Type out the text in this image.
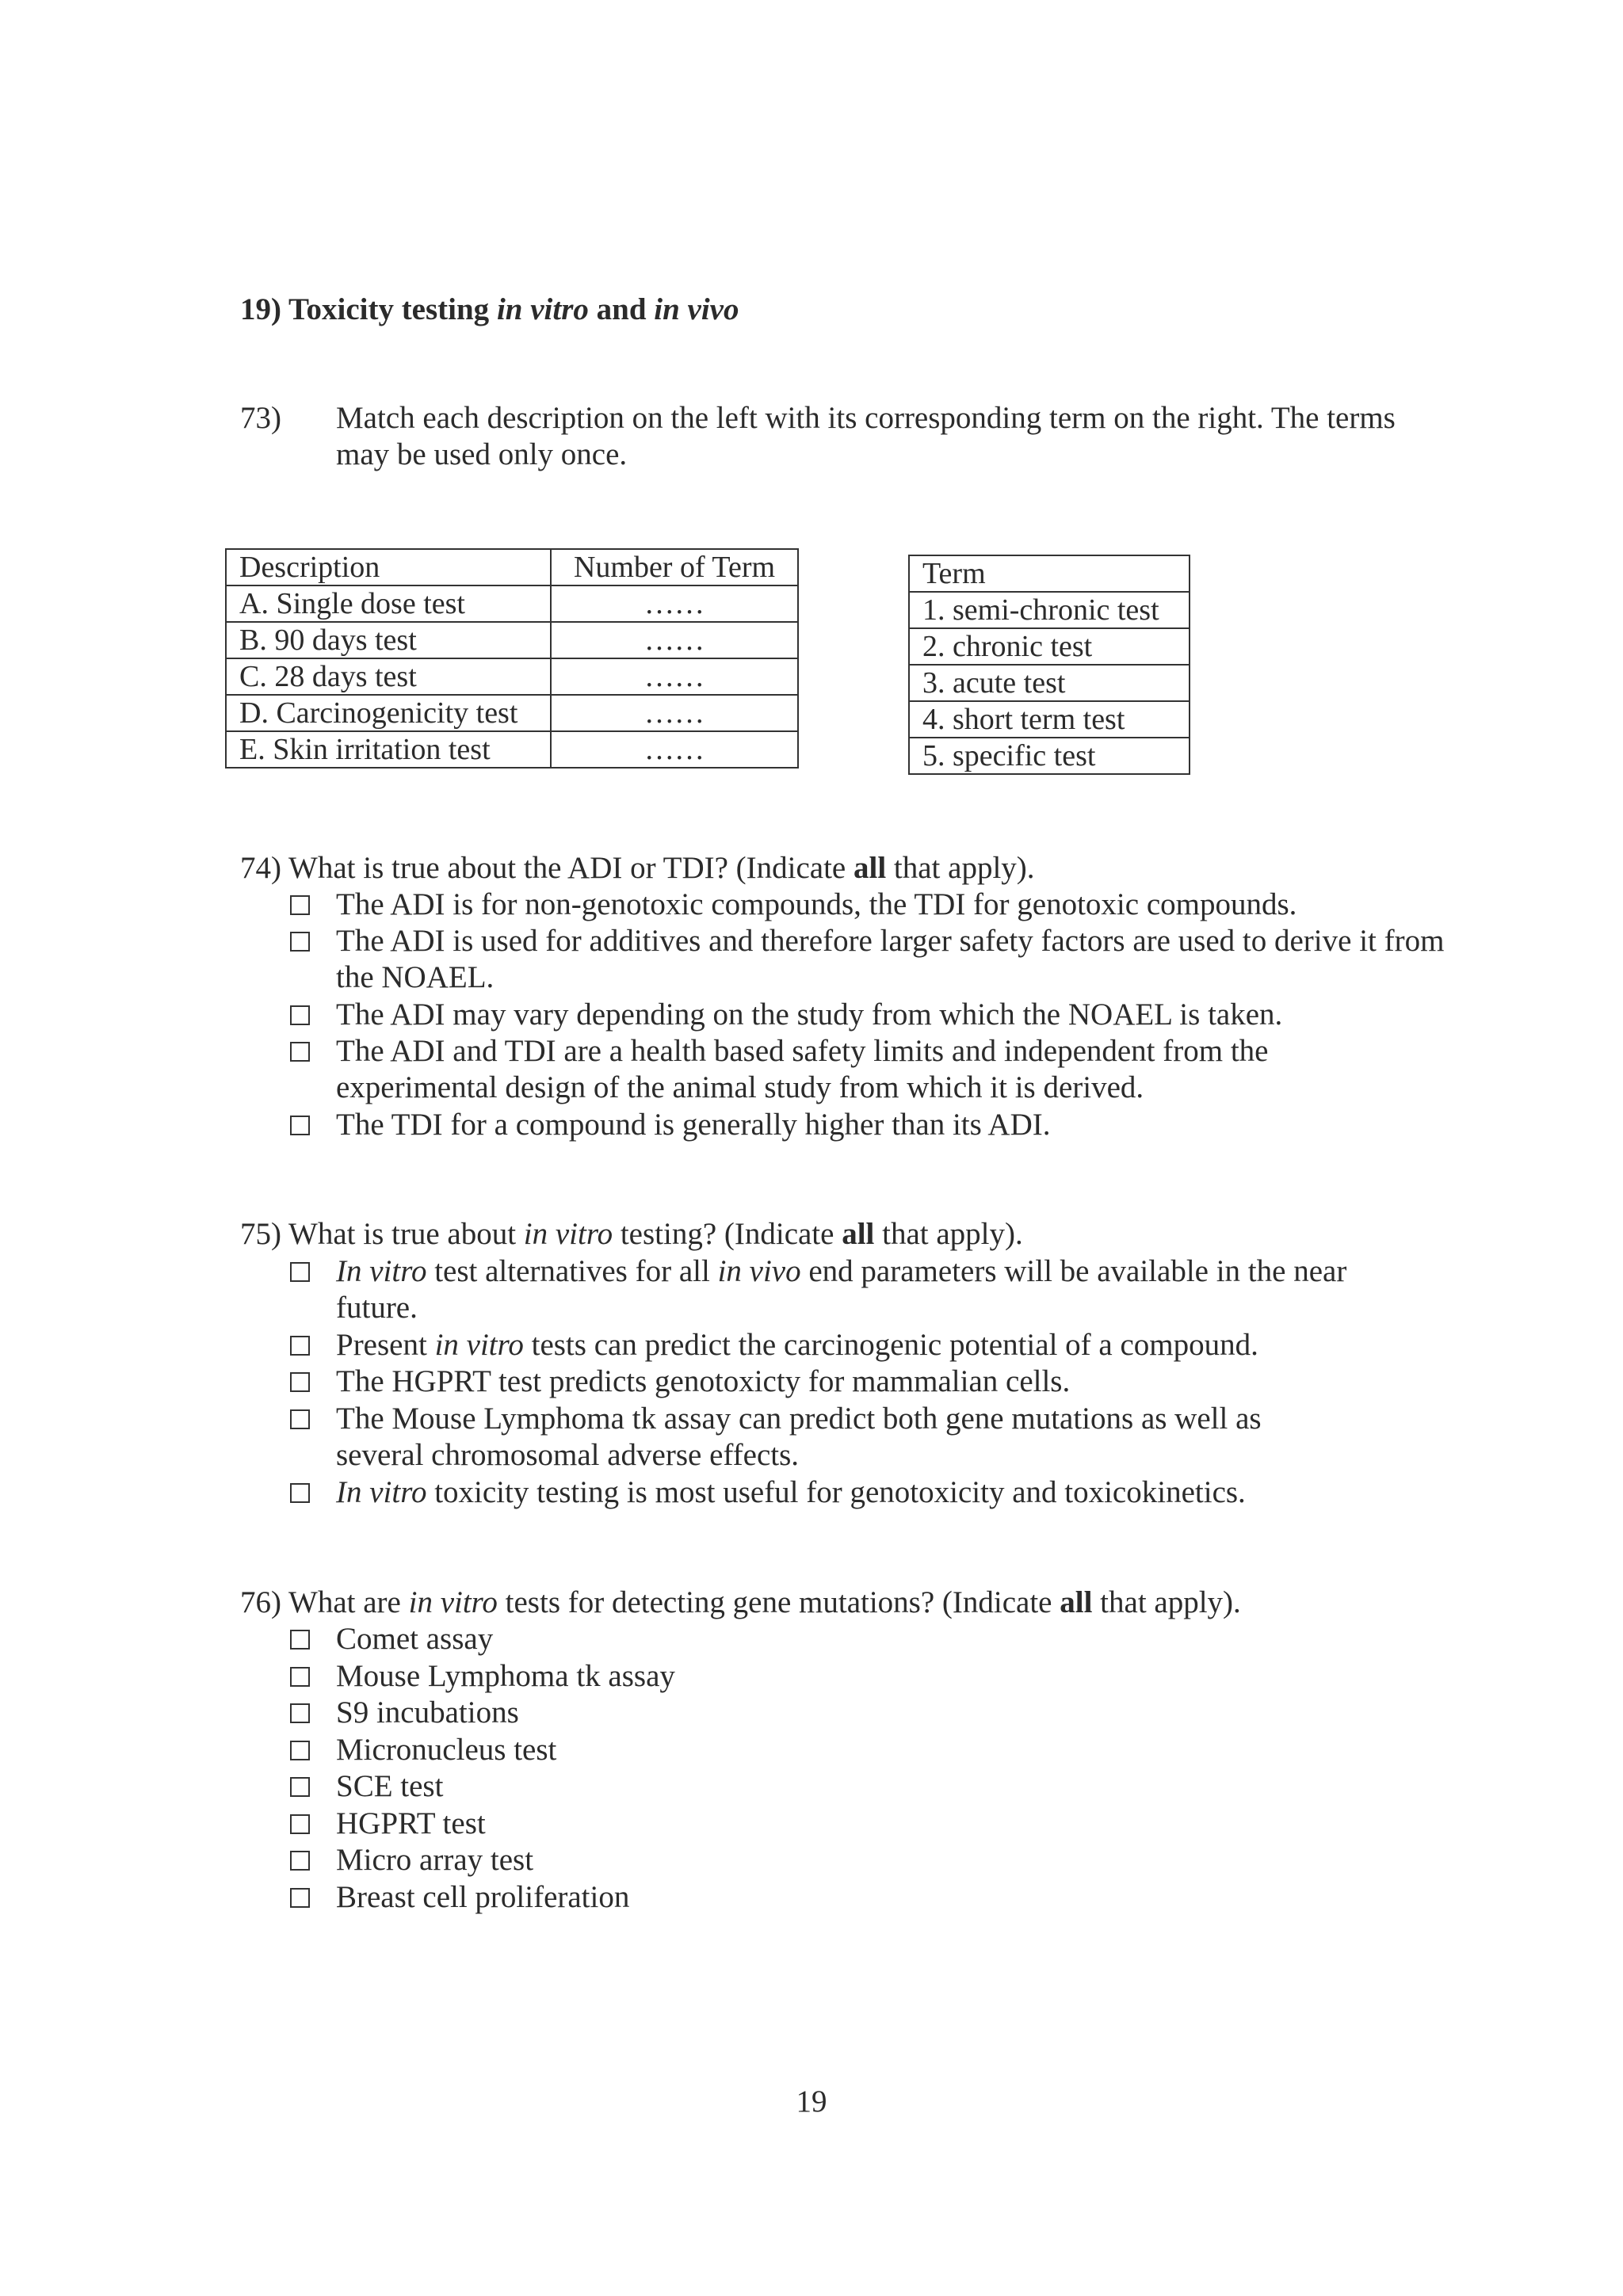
19) Toxicity testing in vitro and in vivo
73) Match each description on the left with its corresponding term on the right. The terms may be used only once.
Description	Number of Term
A. Single dose test	……
B. 90 days test	……
C. 28 days test	……
D. Carcinogenicity test	……
E. Skin irritation test	……
Term
1. semi-chronic test
2. chronic test
3. acute test
4. short term test
5. specific test
74) What is true about the ADI or TDI? (Indicate all that apply).
The ADI is for non-genotoxic compounds, the TDI for genotoxic compounds.
The ADI is used for additives and therefore larger safety factors are used to derive it from the NOAEL.
The ADI may vary depending on the study from which the NOAEL is taken.
The ADI and TDI are a health based safety limits and independent from the experimental design of the animal study from which it is derived.
The TDI for a compound is generally higher than its ADI.
75) What is true about in vitro testing? (Indicate all that apply).
In vitro test alternatives for all in vivo end parameters will be available in the near future.
Present in vitro tests can predict the carcinogenic potential of a compound.
The HGPRT test predicts genotoxicty for mammalian cells.
The Mouse Lymphoma tk assay can predict both gene mutations as well as several chromosomal adverse effects.
In vitro toxicity testing is most useful for genotoxicity and toxicokinetics.
76) What are in vitro tests for detecting gene mutations? (Indicate all that apply).
Comet assay
Mouse Lymphoma tk assay
S9 incubations
Micronucleus test
SCE test
HGPRT test
Micro array test
Breast cell proliferation
19
